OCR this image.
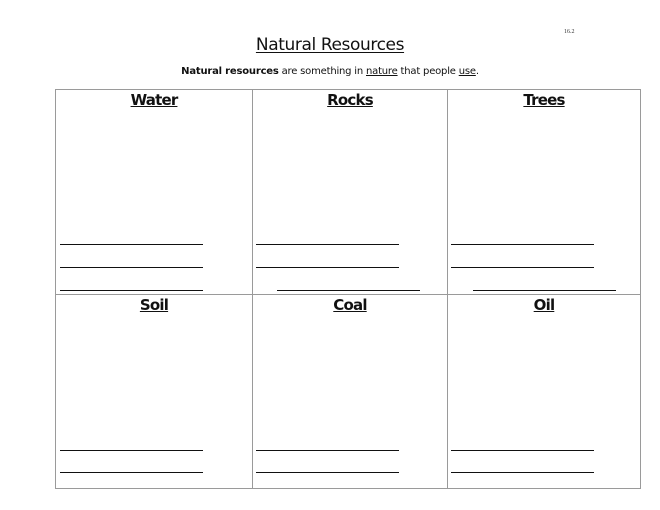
16.2
Natural Resources
Natural resources are something in nature that people use.
Water	Rocks	Trees
Soil	Coal	Oil
